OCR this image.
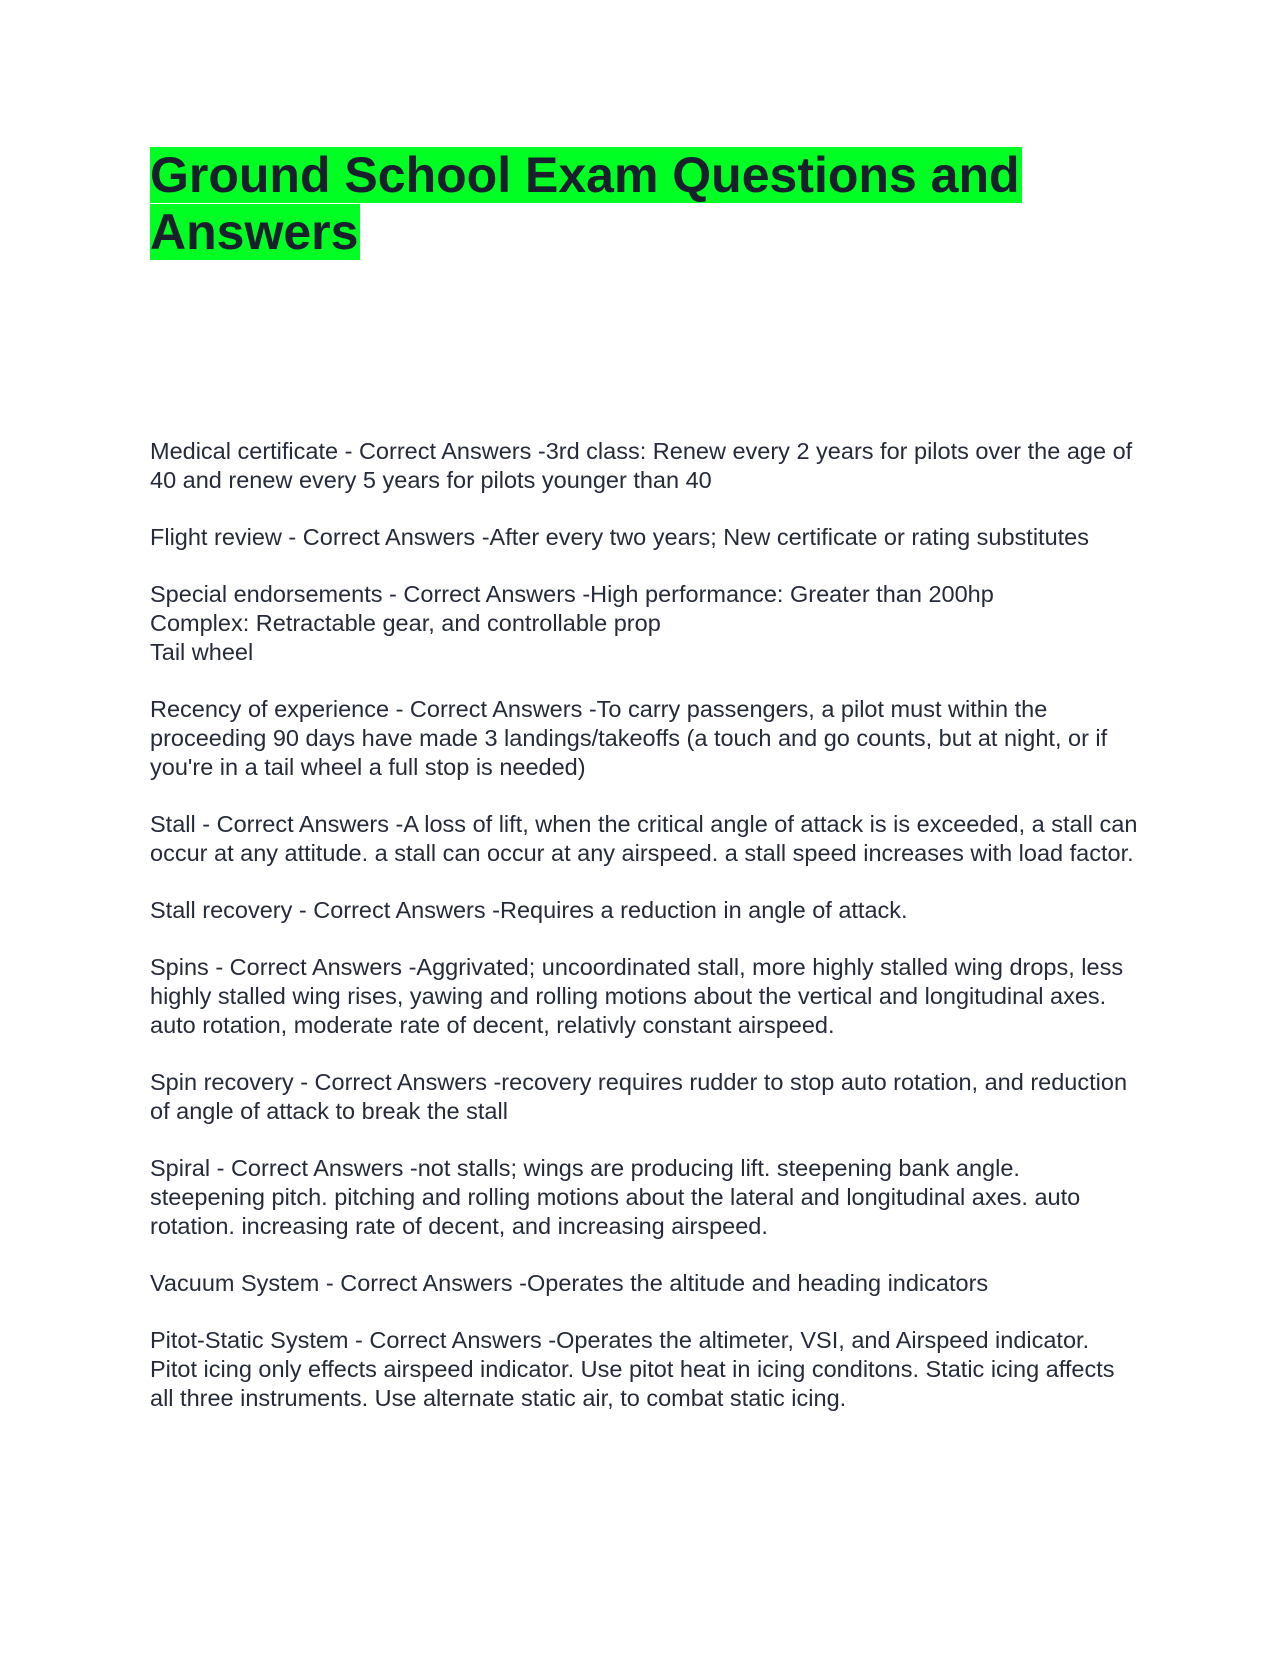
Ground School Exam Questions and Answers

Medical certificate - Correct Answers -3rd class: Renew every 2 years for pilots over the age of 40 and renew every 5 years for pilots younger than 40

Flight review - Correct Answers -After every two years; New certificate or rating substitutes

Special endorsements - Correct Answers -High performance: Greater than 200hp
Complex: Retractable gear, and controllable prop
Tail wheel

Recency of experience - Correct Answers -To carry passengers, a pilot must within the proceeding 90 days have made 3 landings/takeoffs (a touch and go counts, but at night, or if you're in a tail wheel a full stop is needed)

Stall - Correct Answers -A loss of lift, when the critical angle of attack is is exceeded, a stall can occur at any attitude. a stall can occur at any airspeed. a stall speed increases with load factor.

Stall recovery - Correct Answers -Requires a reduction in angle of attack.

Spins - Correct Answers -Aggrivated; uncoordinated stall, more highly stalled wing drops, less highly stalled wing rises, yawing and rolling motions about the vertical and longitudinal axes. auto rotation, moderate rate of decent, relativly constant airspeed.

Spin recovery - Correct Answers -recovery requires rudder to stop auto rotation, and reduction of angle of attack to break the stall

Spiral - Correct Answers -not stalls; wings are producing lift. steepening bank angle. steepening pitch. pitching and rolling motions about the lateral and longitudinal axes. auto rotation. increasing rate of decent, and increasing airspeed.

Vacuum System - Correct Answers -Operates the altitude and heading indicators

Pitot-Static System - Correct Answers -Operates the altimeter, VSI, and Airspeed indicator. Pitot icing only effects airspeed indicator. Use pitot heat in icing conditons. Static icing affects all three instruments. Use alternate static air, to combat static icing.
